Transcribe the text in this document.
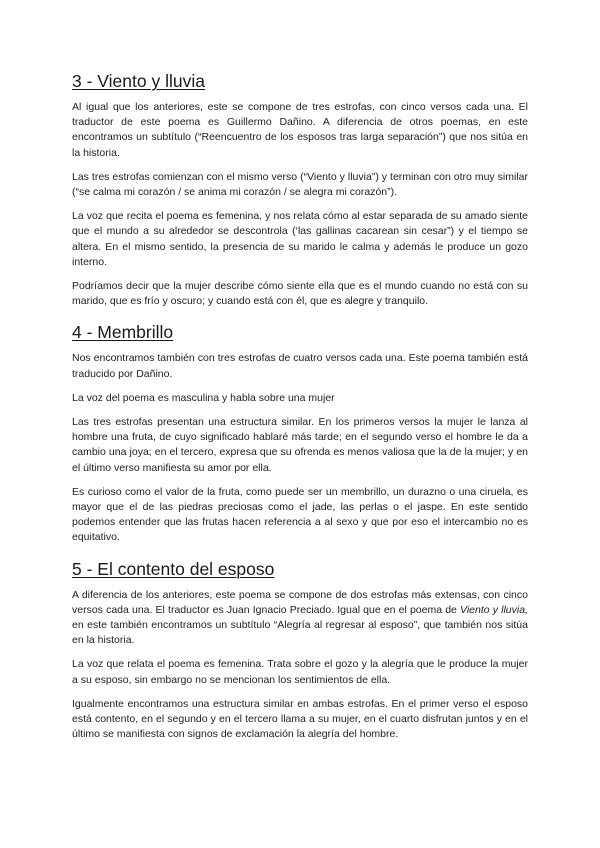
3 - Viento y lluvia

Al igual que los anteriores, este se compone de tres estrofas, con cinco versos cada una. El traductor de este poema es Guillermo Dañino. A diferencia de otros poemas, en este encontramos un subtítulo (“Reencuentro de los esposos tras larga separación”) que nos sitúa en la historia.

Las tres estrofas comienzan con el mismo verso (“Viento y lluvia”) y terminan con otro muy similar (“se calma mi corazón / se anima mi corazón / se alegra mi corazón”).

La voz que recita el poema es femenina, y nos relata cómo al estar separada de su amado siente que el mundo a su alrededor se descontrola (‘las gallinas cacarean sin cesar”) y el tiempo se altera. En el mismo sentido, la presencia de su marido le calma y además le produce un gozo interno.

Podríamos decir que la mujer describe cómo siente ella que es el mundo cuando no está con su marido, que es frío y oscuro; y cuando está con él, que es alegre y tranquilo.

4 - Membrillo

Nos encontramos también con tres estrofas de cuatro versos cada una. Este poema también está traducido por Dañino.

La voz del poema es masculina y habla sobre una mujer

Las tres estrofas presentan una estructura similar. En los primeros versos la mujer le lanza al hombre una fruta, de cuyo significado hablaré más tarde; en el segundo verso el hombre le da a cambio una joya; en el tercero, expresa que su ofrenda es menos valiosa que la de la mujer; y en el último verso manifiesta su amor por ella.

Es curioso como el valor de la fruta, como puede ser un membrillo, un durazno o una ciruela, es mayor que el de las piedras preciosas como el jade, las perlas o el jaspe. En este sentido podemos entender que las frutas hacen referencia a al sexo y que por eso el intercambio no es equitativo.

5 - El contento del esposo

A diferencia de los anteriores, este poema se compone de dos estrofas más extensas, con cinco versos cada una. El traductor es Juan Ignacio Preciado. Igual que en el poema de Viento y lluvia, en este también encontramos un subtítulo “Alegría al regresar al esposo”, que también nos sitúa en la historia.

La voz que relata el poema es femenina. Trata sobre el gozo y la alegría que le produce la mujer a su esposo, sin embargo no se mencionan los sentimientos de ella.

Igualmente encontramos una estructura similar en ambas estrofas. En el primer verso el esposo está contento, en el segundo y en el tercero llama a su mujer, en el cuarto disfrutan juntos y en el último se manifiesta con signos de exclamación la alegría del hombre.
